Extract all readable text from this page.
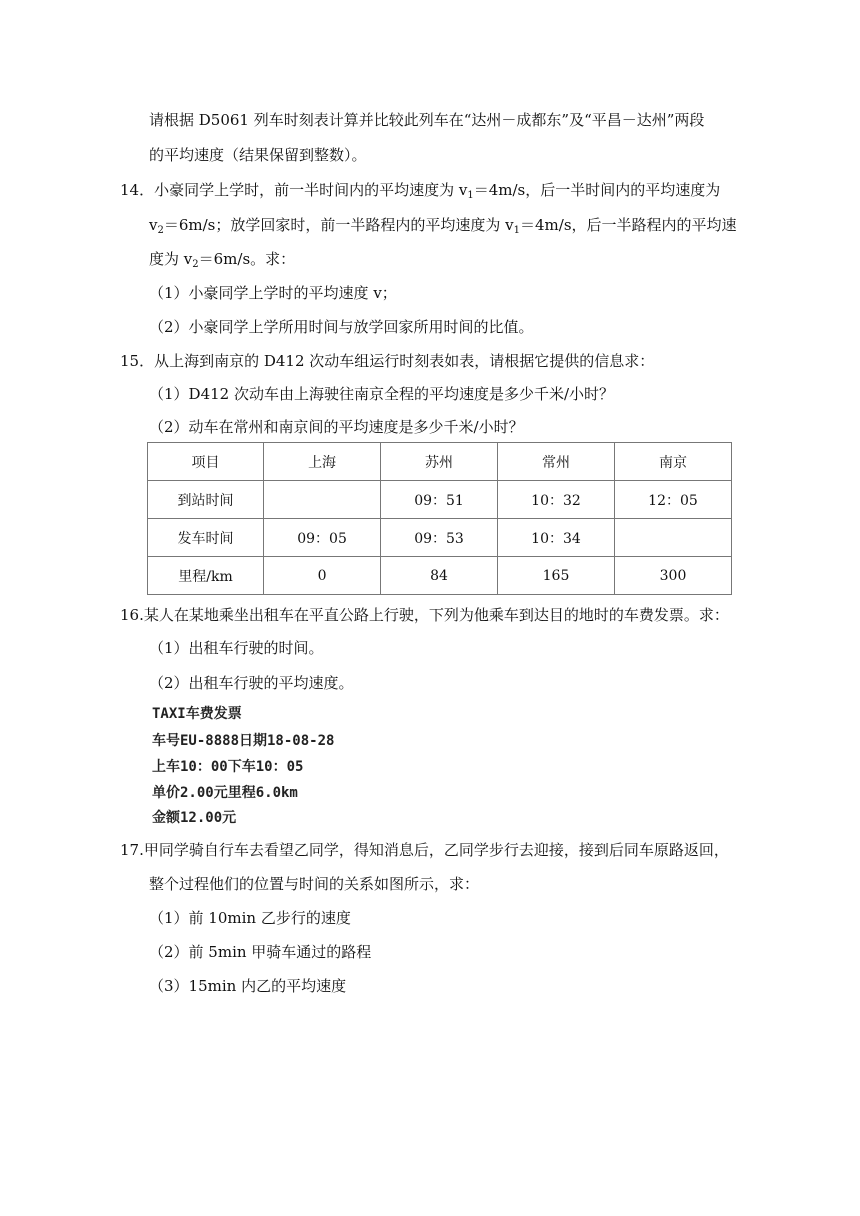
请根据 D5061 列车时刻表计算并比较此列车在“达州－成都东”及“平昌－达州”两段
的平均速度（结果保留到整数）。
14．小豪同学上学时，前一半时间内的平均速度为 $v_1=4m/s$，后一半时间内的平均速度为
$v_2=6m/s$；放学回家时，前一半路程内的平均速度为 $v_1=4m/s$，后一半路程内的平均速
度为 $v_2=6m/s$。求：
（1）小豪同学上学时的平均速度 v；
（2）小豪同学上学所用时间与放学回家所用时间的比值。
15．从上海到南京的 D412 次动车组运行时刻表如表，请根据它提供的信息求：
（1）D412 次动车由上海驶往南京全程的平均速度是多少千米/小时？
（2）动车在常州和南京间的平均速度是多少千米/小时？
项目	上海	苏州	常州	南京
到站时间		09：51	10：32	12：05
发车时间	09：05	09：53	10：34	
里程/km	0	84	165	300
16.某人在某地乘坐出租车在平直公路上行驶，下列为他乘车到达目的地时的车费发票。求：
（1）出租车行驶的时间。
（2）出租车行驶的平均速度。
TAXI车费发票
车号EU-8888日期18-08-28
上车10：00下车10：05
单价2.00元里程6.0km
金额12.00元
17.甲同学骑自行车去看望乙同学，得知消息后，乙同学步行去迎接，接到后同车原路返回，
整个过程他们的位置与时间的关系如图所示，求：
（1）前 10min 乙步行的速度
（2）前 5min 甲骑车通过的路程
（3）15min 内乙的平均速度
